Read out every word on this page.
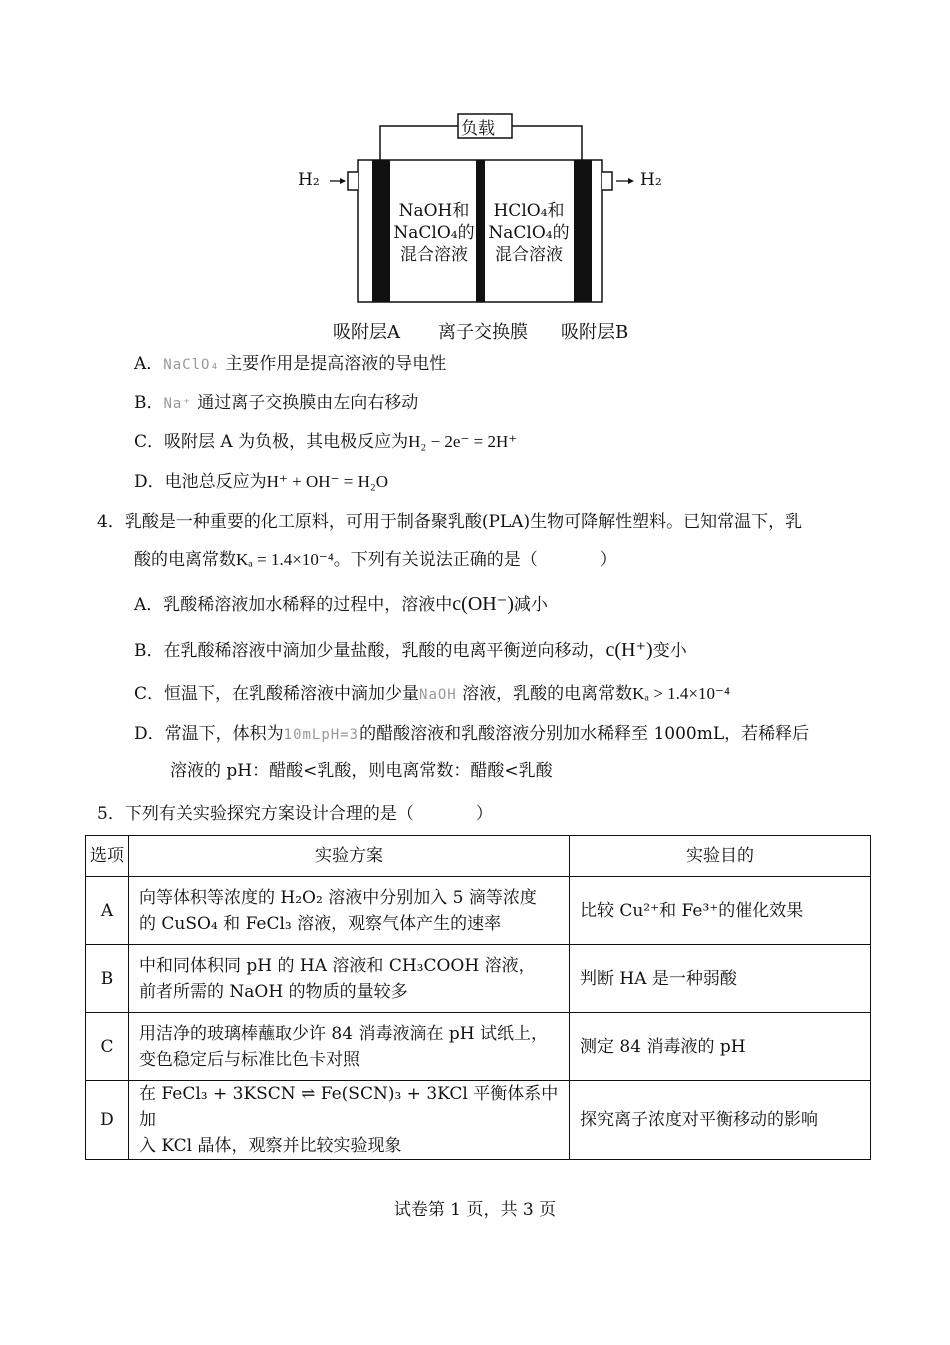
负载
H₂	H₂
NaOH和
NaClO₄的
混合溶液
HClO₄和
NaClO₄的
混合溶液
吸附层A 离子交换膜 吸附层B
A．NaClO₄ 主要作用是提高溶液的导电性
B．Na⁺ 通过离子交换膜由左向右移动
C．吸附层 A 为负极，其电极反应为H₂ − 2e⁻ = 2H⁺
D．电池总反应为H⁺ + OH⁻ = H₂O
4．乳酸是一种重要的化工原料，可用于制备聚乳酸(PLA)生物可降解性塑料。已知常温下，乳
酸的电离常数Kₐ = 1.4×10⁻⁴。下列有关说法正确的是（	）
A．乳酸稀溶液加水稀释的过程中，溶液中c(OH⁻)减小
B．在乳酸稀溶液中滴加少量盐酸，乳酸的电离平衡逆向移动，c(H⁺)变小
C．恒温下，在乳酸稀溶液中滴加少量NaOH 溶液，乳酸的电离常数Kₐ > 1.4×10⁻⁴
D．常温下，体积为10mLpH=3的醋酸溶液和乳酸溶液分别加水稀释至 1000mL，若稀释后
溶液的 pH：醋酸<乳酸，则电离常数：醋酸<乳酸
5．下列有关实验探究方案设计合理的是（	）
选项	实验方案	实验目的
A	向等体积等浓度的 H₂O₂ 溶液中分别加入 5 滴等浓度
的 CuSO₄ 和 FeCl₃ 溶液，观察气体产生的速率	比较 Cu²⁺和 Fe³⁺的催化效果
B	中和同体积同 pH 的 HA 溶液和 CH₃COOH 溶液，
前者所需的 NaOH 的物质的量较多	判断 HA 是一种弱酸
C	用洁净的玻璃棒蘸取少许 84 消毒液滴在 pH 试纸上，
变色稳定后与标准比色卡对照	测定 84 消毒液的 pH
D	在 FeCl₃ + 3KSCN ⇌ Fe(SCN)₃ + 3KCl 平衡体系中加
入 KCl 晶体，观察并比较实验现象	探究离子浓度对平衡移动的影响
试卷第 1 页，共 3 页
